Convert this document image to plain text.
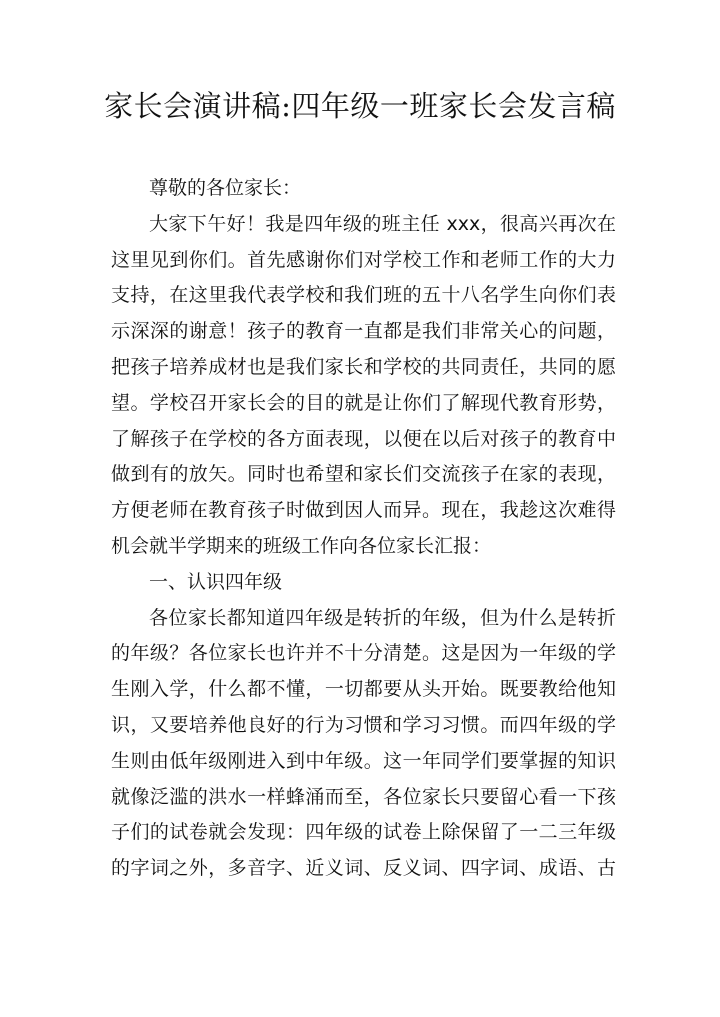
家长会演讲稿:四年级一班家长会发言稿
尊敬的各位家长：
大家下午好！我是四年级的班主任 xxx，很高兴再次在
这里见到你们。首先感谢你们对学校工作和老师工作的大力
支持，在这里我代表学校和我们班的五十八名学生向你们表
示深深的谢意！孩子的教育一直都是我们非常关心的问题，
把孩子培养成材也是我们家长和学校的共同责任，共同的愿
望。学校召开家长会的目的就是让你们了解现代教育形势，
了解孩子在学校的各方面表现，以便在以后对孩子的教育中
做到有的放矢。同时也希望和家长们交流孩子在家的表现，
方便老师在教育孩子时做到因人而异。现在，我趁这次难得
机会就半学期来的班级工作向各位家长汇报：
一、认识四年级
各位家长都知道四年级是转折的年级，但为什么是转折
的年级？各位家长也许并不十分清楚。这是因为一年级的学
生刚入学，什么都不懂，一切都要从头开始。既要教给他知
识，又要培养他良好的行为习惯和学习习惯。而四年级的学
生则由低年级刚进入到中年级。这一年同学们要掌握的知识
就像泛滥的洪水一样蜂涌而至，各位家长只要留心看一下孩
子们的试卷就会发现：四年级的试卷上除保留了一二三年级
的字词之外，多音字、近义词、反义词、四字词、成语、古
